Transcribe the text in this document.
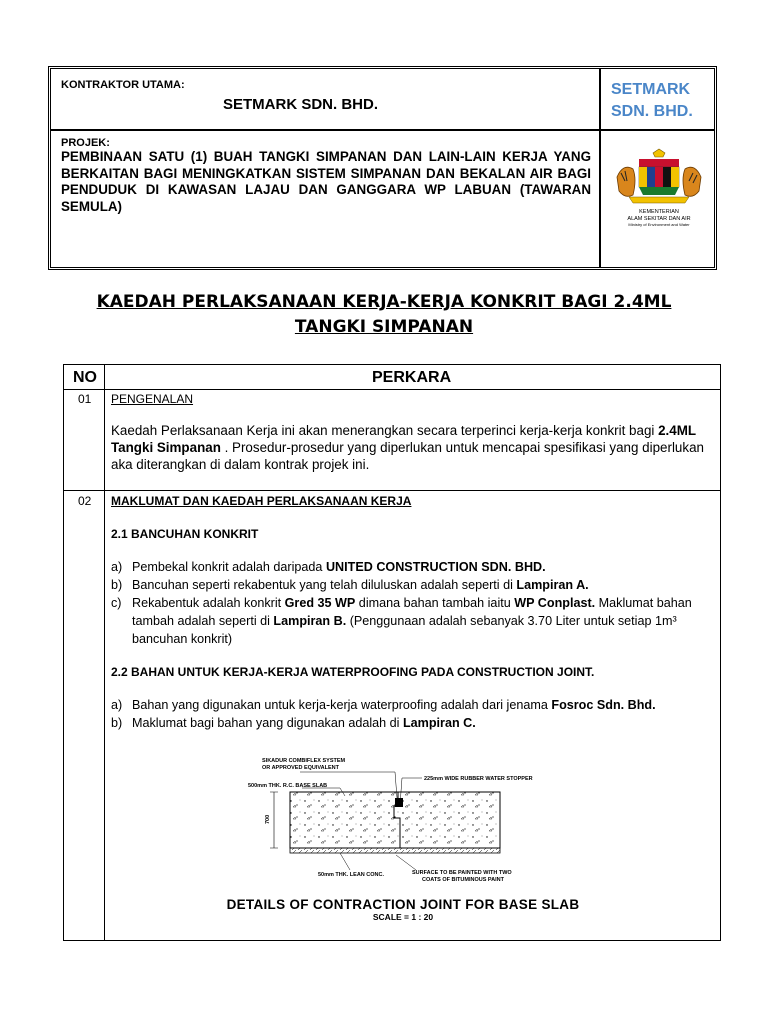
KONTRAKTOR UTAMA:
SETMARK SDN. BHD.
SETMARK
SDN. BHD.
PROJEK:
PEMBINAAN SATU (1) BUAH TANGKI SIMPANAN DAN LAIN-LAIN KERJA YANG BERKAITAN BAGI MENINGKATKAN SISTEM SIMPANAN DAN BEKALAN AIR BAGI PENDUDUK DI KAWASAN LAJAU DAN GANGGARA WP LABUAN (TAWARAN SEMULA)	KEMENTERIAN
ALAM SEKITAR DAN AIR
Ministry of Environment and Water
KAEDAH PERLAKSANAAN KERJA-KERJA KONKRIT BAGI 2.4ML
TANGKI SIMPANAN
NO	PERKARA
01 PENGENALAN
Kaedah Perlaksanaan Kerja ini akan menerangkan secara terperinci kerja-kerja konkrit bagi 2.4ML Tangki Simpanan . Prosedur-prosedur yang diperlukan untuk mencapai spesifikasi yang diperlukan aka diterangkan di dalam kontrak projek ini.
02 MAKLUMAT DAN KAEDAH PERLAKSANAAN KERJA
2.1 BANCUHAN KONKRIT
a) Pembekal konkrit adalah daripada UNITED CONSTRUCTION SDN. BHD.
b) Bancuhan seperti rekabentuk yang telah diluluskan adalah seperti di Lampiran A.
c) Rekabentuk adalah konkrit Gred 35 WP dimana bahan tambah iaitu WP Conplast. Maklumat bahan tambah adalah seperti di Lampiran B. (Penggunaan adalah sebanyak 3.70 Liter untuk setiap 1m³ bancuhan konkrit)
2.2 BAHAN UNTUK KERJA-KERJA WATERPROOFING PADA CONSTRUCTION JOINT.
a) Bahan yang digunakan untuk kerja-kerja waterproofing adalah dari jenama Fosroc Sdn. Bhd.
b) Maklumat bagi bahan yang digunakan adalah di Lampiran C.
SIKADUR COMBIFLEX SYSTEM
OR APPROVED EQUIVALENT
225mm WIDE RUBBER WATER STOPPER
500mm THK. R.C. BASE SLAB
700
SURFACE TO BE PAINTED WITH TWO
COATS OF BITUMINOUS PAINT
50mm THK. LEAN CONC.
DETAILS OF CONTRACTION JOINT FOR BASE SLAB
SCALE = 1 : 20
